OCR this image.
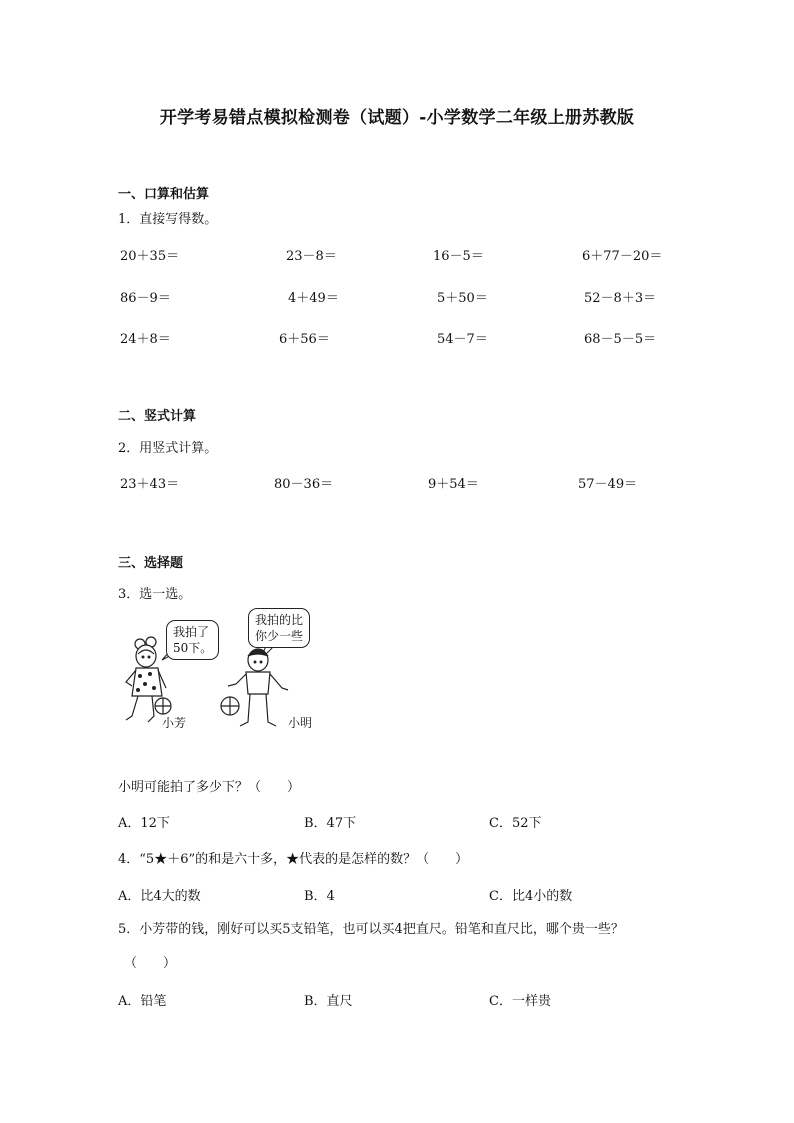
开学考易错点模拟检测卷（试题）-小学数学二年级上册苏教版
一、口算和估算
1．直接写得数。
20＋35＝	23－8＝	16－5＝	6＋77－20＝
86－9＝	4＋49＝	5＋50＝	52－8＋3＝
24＋8＝	6＋56＝	54－7＝	68－5－5＝
二、竖式计算
2．用竖式计算。
23＋43＝	80－36＝	9＋54＝	57－49＝
三、选择题
3．选一选。
我拍了
50下。
我拍的比
你少一些
小芳	小明
小明可能拍了多少下？（　　）
A．12下	B．47下	C．52下
4．“5★＋6”的和是六十多，★代表的是怎样的数？（　　）
A．比4大的数	B．4	C．比4小的数
5．小芳带的钱，刚好可以买5支铅笔，也可以买4把直尺。铅笔和直尺比，哪个贵一些？
（　　）
A．铅笔	B．直尺	C．一样贵
